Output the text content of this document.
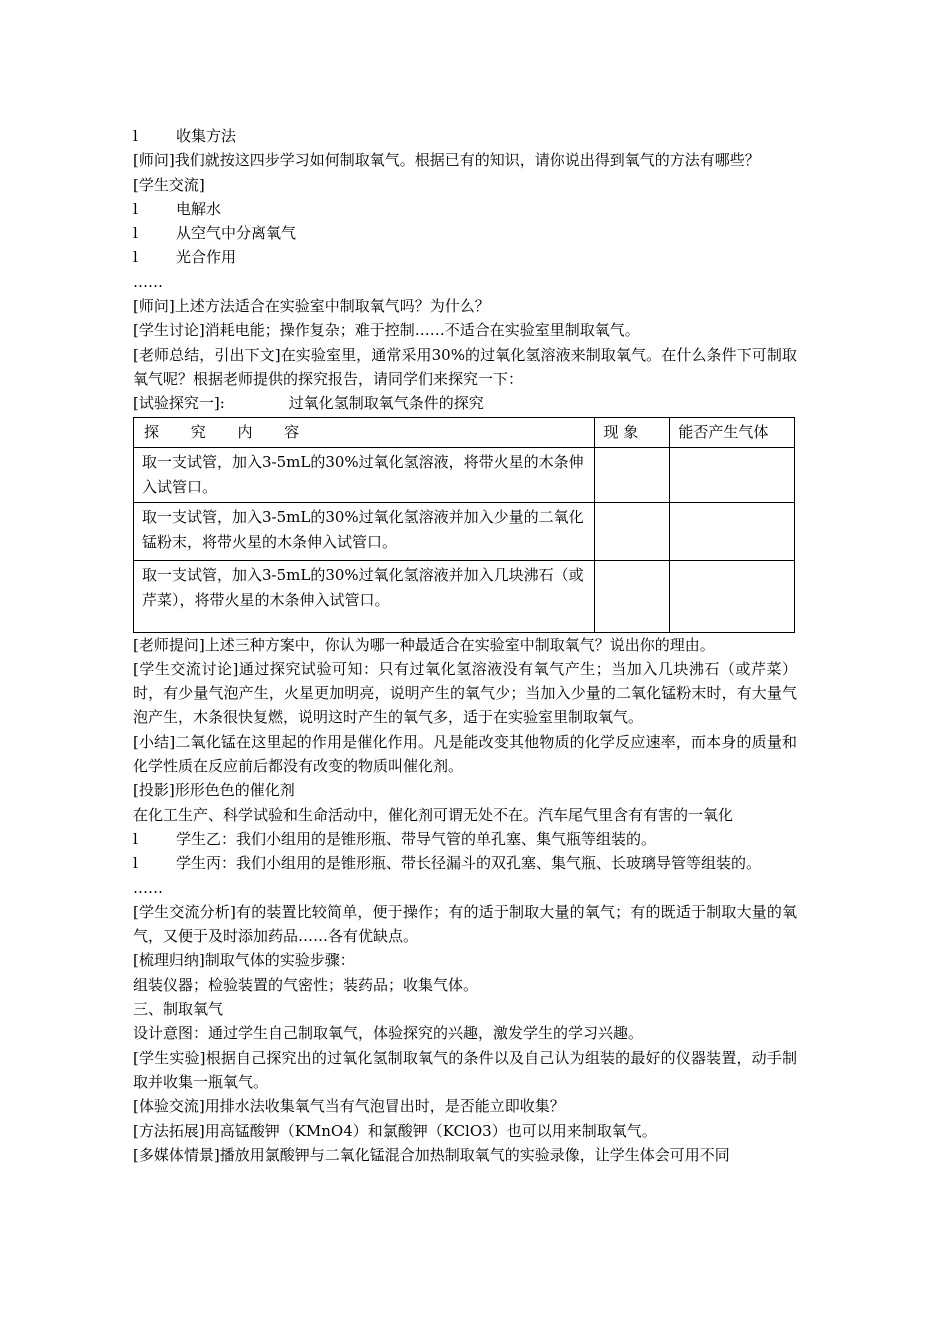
l	收集方法
[师问]我们就按这四步学习如何制取氧气。根据已有的知识，请你说出得到氧气的方法有哪些？
[学生交流]
l	电解水
l	从空气中分离氧气
l	光合作用
……
[师问]上述方法适合在实验室中制取氧气吗？为什么？
[学生讨论]消耗电能；操作复杂；难于控制……不适合在实验室里制取氧气。
[老师总结，引出下文]在实验室里，通常采用30%的过氧化氢溶液来制取氧气。在什么条件下可制取氧气呢？根据老师提供的探究报告，请同学们来探究一下：
[试验探究一]:	过氧化氢制取氧气条件的探究
探 究 内 容	现 象	能否产生气体
取一支试管，加入3-5mL的30%过氧化氢溶液，将带火星的木条伸入试管口。		
取一支试管，加入3-5mL的30%过氧化氢溶液并加入少量的二氧化锰粉末，将带火星的木条伸入试管口。		
取一支试管，加入3-5mL的30%过氧化氢溶液并加入几块沸石（或芹菜），将带火星的木条伸入试管口。		
[老师提问]上述三种方案中，你认为哪一种最适合在实验室中制取氧气？说出你的理由。
[学生交流讨论]通过探究试验可知：只有过氧化氢溶液没有氧气产生；当加入几块沸石（或芹菜）时，有少量气泡产生，火星更加明亮，说明产生的氧气少；当加入少量的二氧化锰粉末时，有大量气泡产生，木条很快复燃，说明这时产生的氧气多，适于在实验室里制取氧气。
[小结]二氧化锰在这里起的作用是催化作用。凡是能改变其他物质的化学反应速率，而本身的质量和化学性质在反应前后都没有改变的物质叫催化剂。
[投影]形形色色的催化剂
在化工生产、科学试验和生命活动中，催化剂可谓无处不在。汽车尾气里含有有害的一氧化
l	学生乙：我们小组用的是锥形瓶、带导气管的单孔塞、集气瓶等组装的。
l	学生丙：我们小组用的是锥形瓶、带长径漏斗的双孔塞、集气瓶、长玻璃导管等组装的。
……
[学生交流分析]有的装置比较简单，便于操作；有的适于制取大量的氧气；有的既适于制取大量的氧气，又便于及时添加药品……各有优缺点。
[梳理归纳]制取气体的实验步骤：
组装仪器；检验装置的气密性；装药品；收集气体。
三、制取氧气
设计意图：通过学生自己制取氧气，体验探究的兴趣，激发学生的学习兴趣。
[学生实验]根据自己探究出的过氧化氢制取氧气的条件以及自己认为组装的最好的仪器装置，动手制取并收集一瓶氧气。
[体验交流]用排水法收集氧气当有气泡冒出时，是否能立即收集？
[方法拓展]用高锰酸钾（KMnO4）和氯酸钾（KClO3）也可以用来制取氧气。
[多媒体情景]播放用氯酸钾与二氧化锰混合加热制取氧气的实验录像，让学生体会可用不同
